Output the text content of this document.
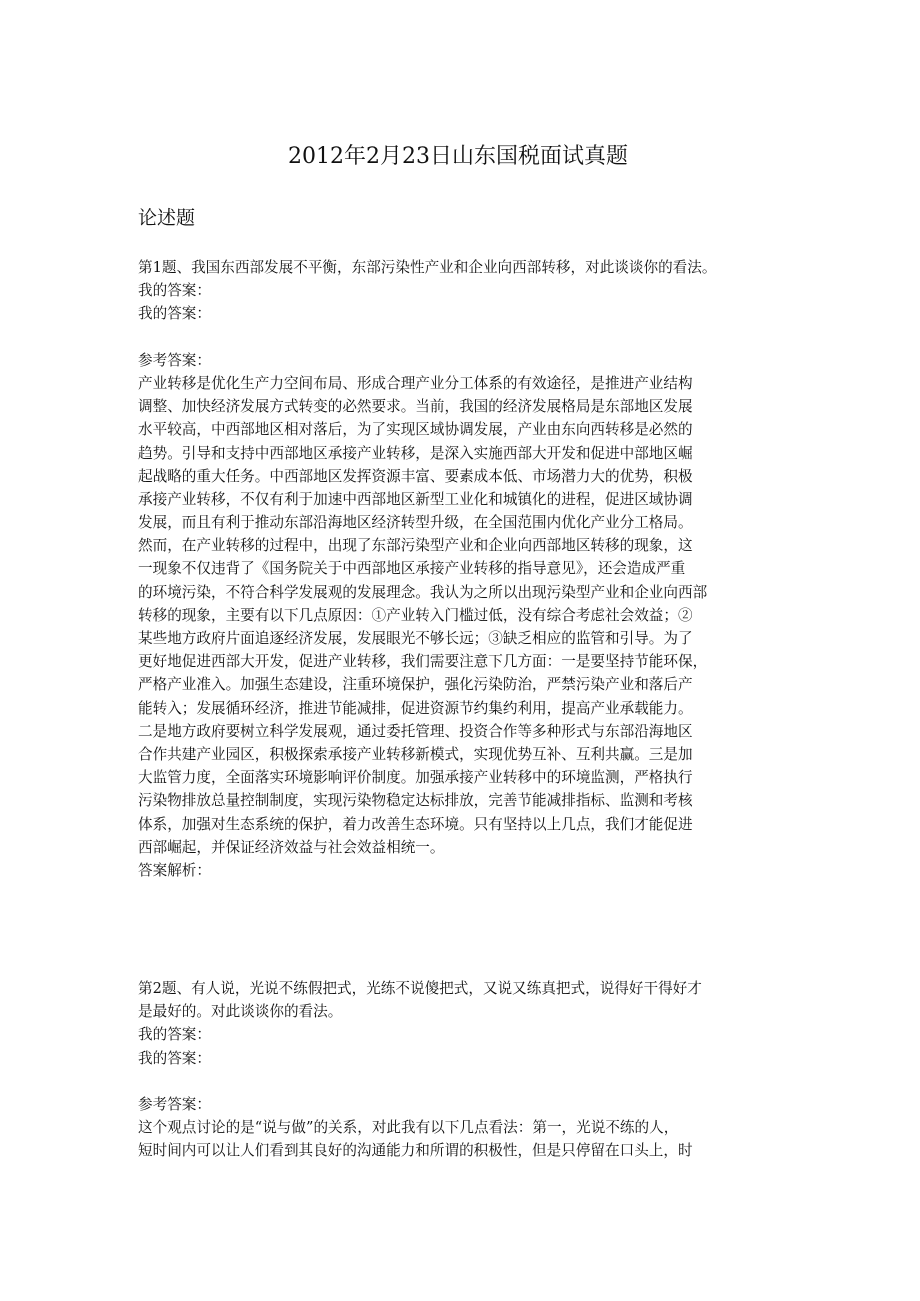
2012年2月23日山东国税面试真题
论述题
第1题、我国东西部发展不平衡，东部污染性产业和企业向西部转移，对此谈谈你的看法。
我的答案：
我的答案：
参考答案：
产业转移是优化生产力空间布局、形成合理产业分工体系的有效途径，是推进产业结构
调整、加快经济发展方式转变的必然要求。当前，我国的经济发展格局是东部地区发展
水平较高，中西部地区相对落后，为了实现区域协调发展，产业由东向西转移是必然的
趋势。引导和支持中西部地区承接产业转移，是深入实施西部大开发和促进中部地区崛
起战略的重大任务。中西部地区发挥资源丰富、要素成本低、市场潜力大的优势，积极
承接产业转移，不仅有利于加速中西部地区新型工业化和城镇化的进程，促进区域协调
发展，而且有利于推动东部沿海地区经济转型升级，在全国范围内优化产业分工格局。
然而，在产业转移的过程中，出现了东部污染型产业和企业向西部地区转移的现象，这
一现象不仅违背了《国务院关于中西部地区承接产业转移的指导意见》，还会造成严重
的环境污染，不符合科学发展观的发展理念。我认为之所以出现污染型产业和企业向西部
转移的现象，主要有以下几点原因：①产业转入门槛过低，没有综合考虑社会效益；②
某些地方政府片面追逐经济发展，发展眼光不够长远；③缺乏相应的监管和引导。为了
更好地促进西部大开发，促进产业转移，我们需要注意下几方面：一是要坚持节能环保，
严格产业准入。加强生态建设，注重环境保护，强化污染防治，严禁污染产业和落后产
能转入；发展循环经济，推进节能减排，促进资源节约集约利用，提高产业承载能力。
二是地方政府要树立科学发展观，通过委托管理、投资合作等多种形式与东部沿海地区
合作共建产业园区，积极探索承接产业转移新模式，实现优势互补、互利共赢。三是加
大监管力度，全面落实环境影响评价制度。加强承接产业转移中的环境监测，严格执行
污染物排放总量控制制度，实现污染物稳定达标排放，完善节能减排指标、监测和考核
体系，加强对生态系统的保护，着力改善生态环境。只有坚持以上几点，我们才能促进
西部崛起，并保证经济效益与社会效益相统一。
答案解析：
第2题、有人说，光说不练假把式，光练不说傻把式，又说又练真把式，说得好干得好才
是最好的。对此谈谈你的看法。
我的答案：
我的答案：
参考答案：
这个观点讨论的是“说与做”的关系，对此我有以下几点看法：第一，光说不练的人，
短时间内可以让人们看到其良好的沟通能力和所谓的积极性，但是只停留在口头上，时
